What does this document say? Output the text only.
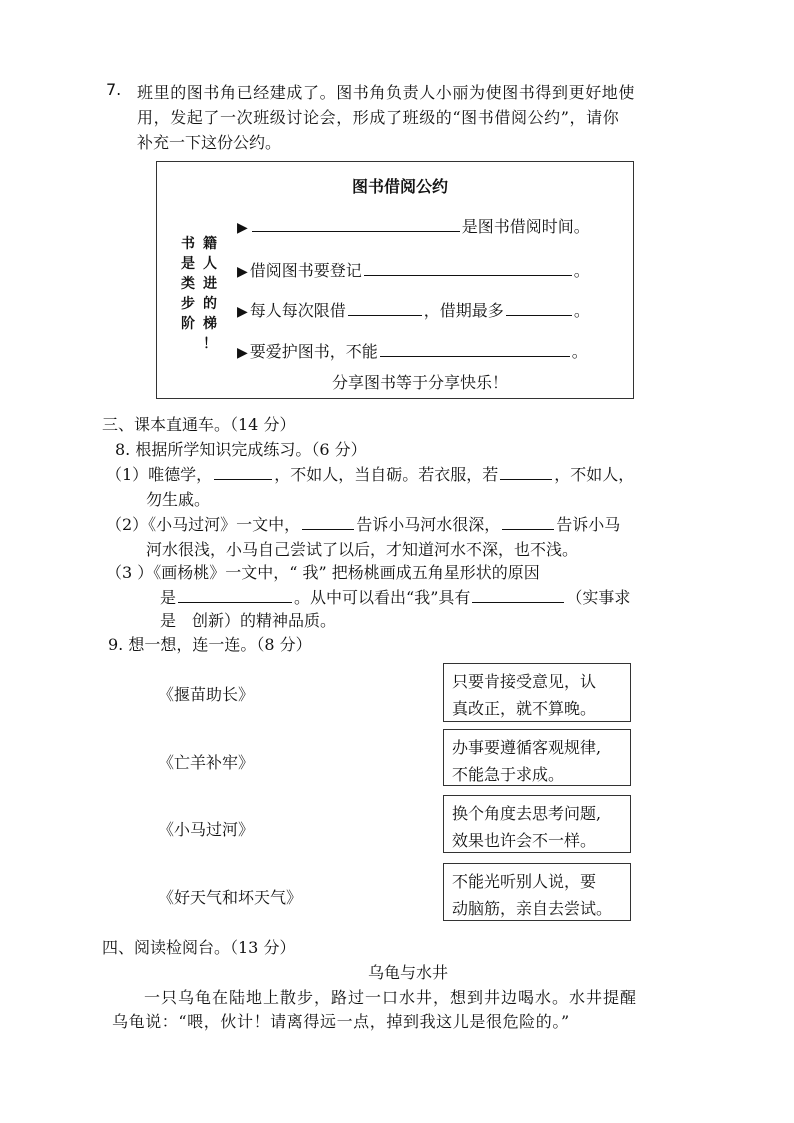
7. 班里的图书角已经建成了。图书角负责人小丽为使图书得到更好地使
用，发起了一次班级讨论会，形成了班级的“图书借阅公约”，请你
补充一下这份公约。
图书借阅公约
籍
人
进
的
梯
！
书
是
类
步
阶
▶	是图书借阅时间。
▶ 借阅图书要登记	。
▶ 每人每次限借	，借期最多	。
▶ 要爱护图书，不能	。
分享图书等于分享快乐！
三、课本直通车。（14 分）
8. 根据所学知识完成练习。（6 分）
（1）唯德学，	，不如人，当自砺。若衣服，若	，不如人，
勿生戚。
（2）《小马过河》一文中，	告诉小马河水很深，	告诉小马
河水很浅，小马自己尝试了以后，才知道河水不深，也不浅。
（3 ）《画杨桃》一文中，“ 我” 把杨桃画成五角星形状的原因
是	。从中可以看出“我”具有	（实事求
是　创新）的精神品质。
9. 想一想，连一连。（8 分）
《揠苗助长》
《亡羊补牢》
《小马过河》
《好天气和坏天气》
只要肯接受意见，认
真改正，就不算晚。
办事要遵循客观规律,
不能急于求成。
换个角度去思考问题,
效果也许会不一样。
不能光听别人说，要
动脑筋，亲自去尝试。
四、阅读检阅台。（13 分）
乌龟与水井
一只乌龟在陆地上散步，路过一口水井，想到井边喝水。水井提醒
乌龟说：“喂，伙计！请离得远一点，掉到我这儿是很危险的。”
